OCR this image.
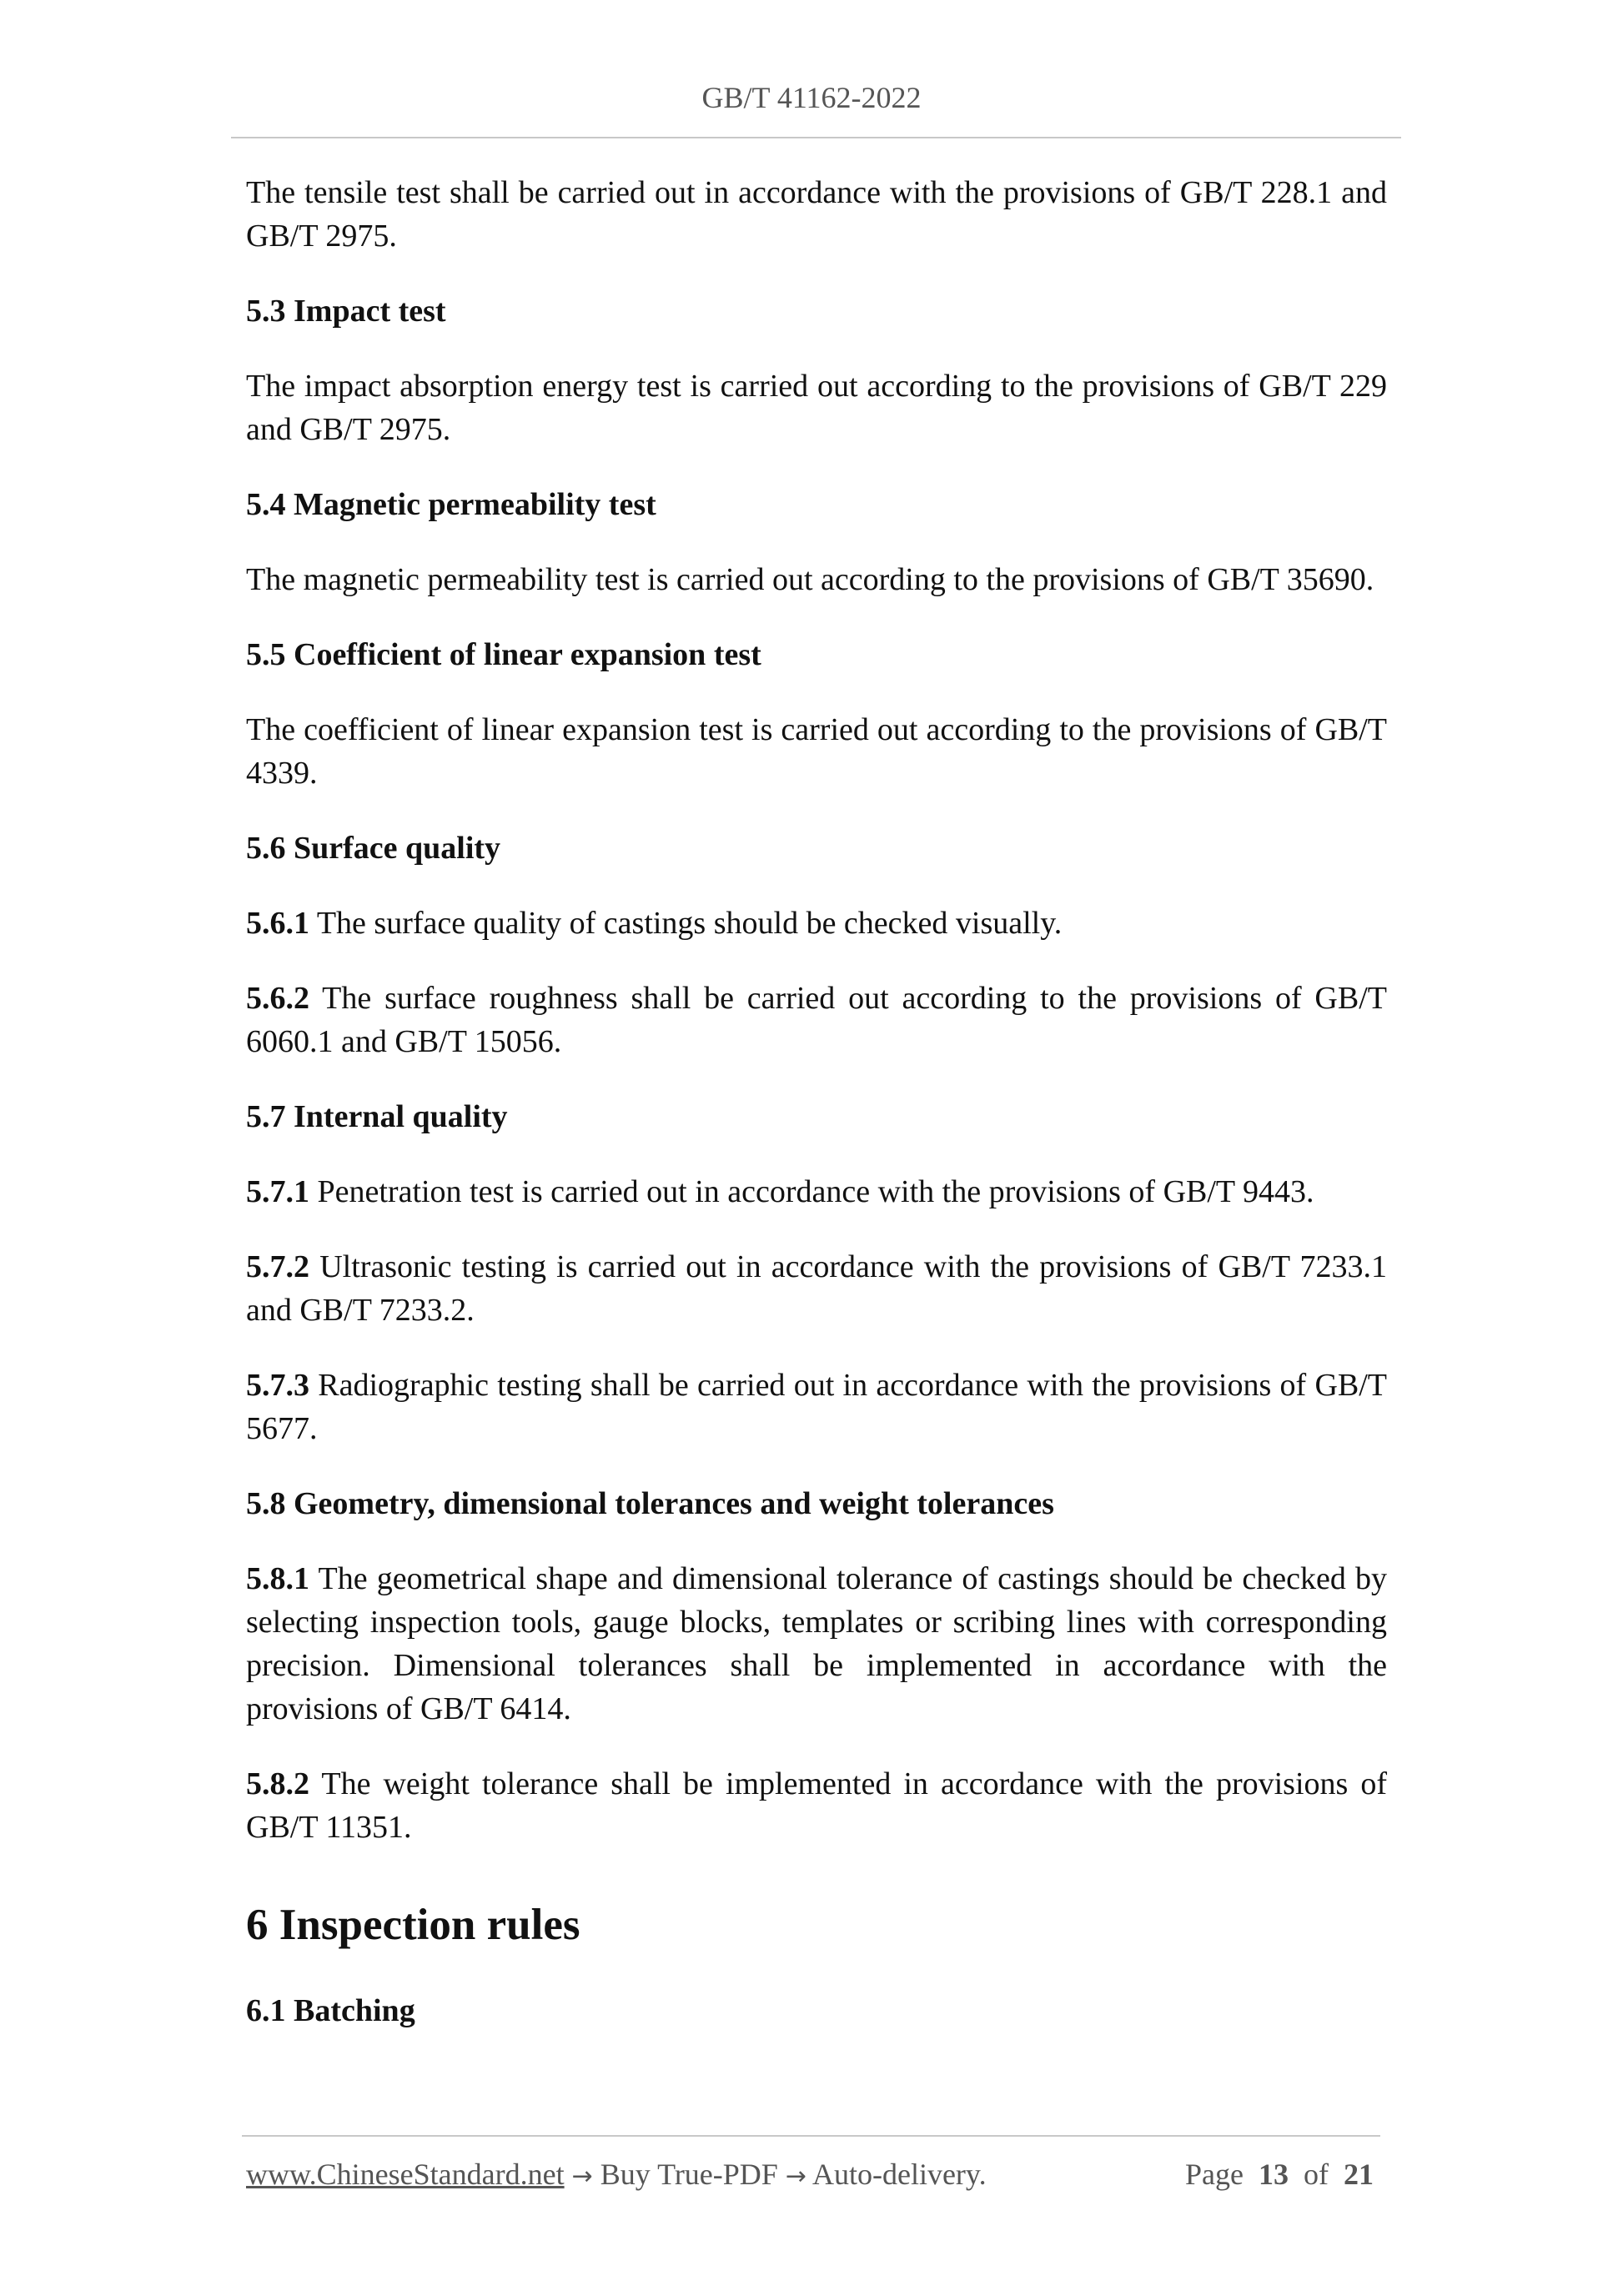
GB/T 41162-2022

The tensile test shall be carried out in accordance with the provisions of GB/T 228.1 and GB/T 2975.

5.3 Impact test

The impact absorption energy test is carried out according to the provisions of GB/T 229 and GB/T 2975.

5.4 Magnetic permeability test

The magnetic permeability test is carried out according to the provisions of GB/T 35690.

5.5 Coefficient of linear expansion test

The coefficient of linear expansion test is carried out according to the provisions of GB/T 4339.

5.6 Surface quality

5.6.1 The surface quality of castings should be checked visually.

5.6.2 The surface roughness shall be carried out according to the provisions of GB/T 6060.1 and GB/T 15056.

5.7 Internal quality

5.7.1 Penetration test is carried out in accordance with the provisions of GB/T 9443.

5.7.2 Ultrasonic testing is carried out in accordance with the provisions of GB/T 7233.1 and GB/T 7233.2.

5.7.3 Radiographic testing shall be carried out in accordance with the provisions of GB/T 5677.

5.8 Geometry, dimensional tolerances and weight tolerances

5.8.1 The geometrical shape and dimensional tolerance of castings should be checked by selecting inspection tools, gauge blocks, templates or scribing lines with corresponding precision. Dimensional tolerances shall be implemented in accordance with the provisions of GB/T 6414.

5.8.2 The weight tolerance shall be implemented in accordance with the provisions of GB/T 11351.

6 Inspection rules

6.1 Batching

www.ChineseStandard.net → Buy True-PDF → Auto-delivery.	Page 13 of 21
